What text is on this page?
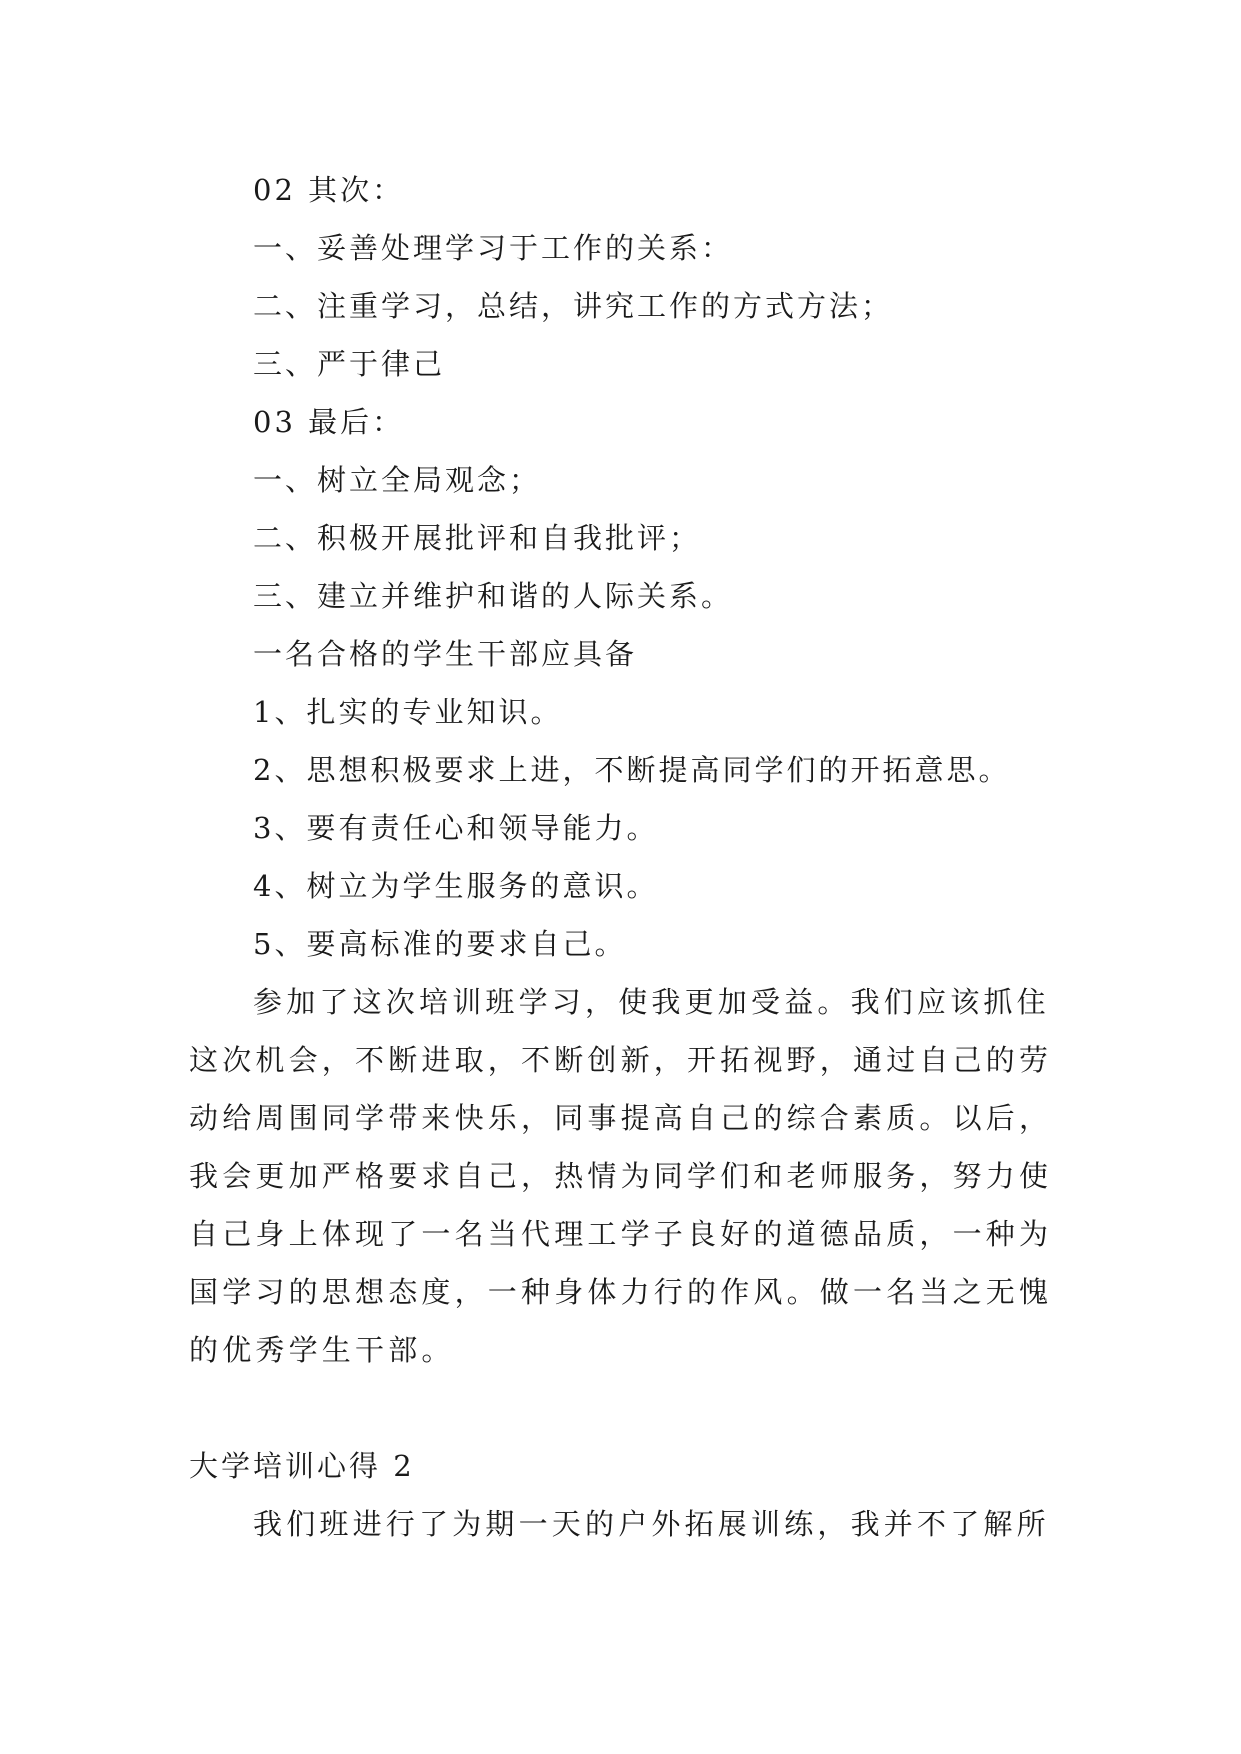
02 其次：
一、妥善处理学习于工作的关系：
二、注重学习，总结，讲究工作的方式方法；
三、严于律己
03 最后：
一、树立全局观念；
二、积极开展批评和自我批评；
三、建立并维护和谐的人际关系。
一名合格的学生干部应具备
1、扎实的专业知识。
2、思想积极要求上进，不断提高同学们的开拓意思。
3、要有责任心和领导能力。
4、树立为学生服务的意识。
5、要高标准的要求自己。
参加了这次培训班学习，使我更加受益。我们应该抓住
这次机会，不断进取，不断创新，开拓视野，通过自己的劳
动给周围同学带来快乐，同事提高自己的综合素质。以后，
我会更加严格要求自己，热情为同学们和老师服务，努力使
自己身上体现了一名当代理工学子良好的道德品质，一种为
国学习的思想态度，一种身体力行的作风。做一名当之无愧
的优秀学生干部。
大学培训心得 2
我们班进行了为期一天的户外拓展训练，我并不了解所
